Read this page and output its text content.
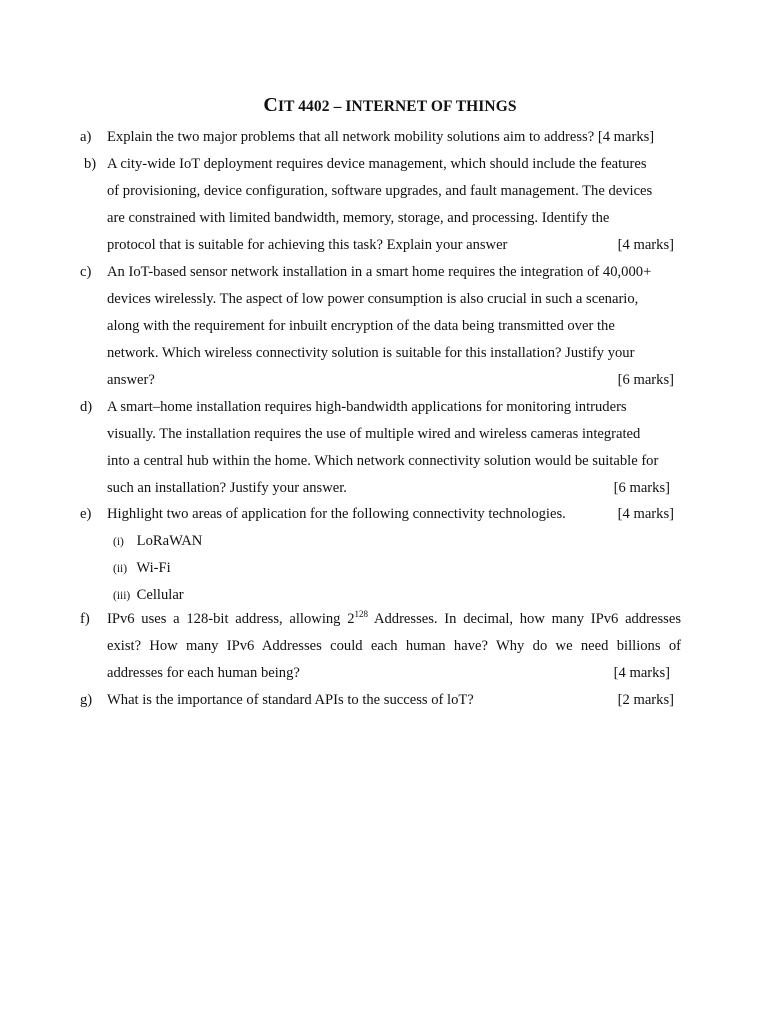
CIT 4402 – INTERNET OF THINGS
a)	Explain the two major problems that all network mobility solutions aim to address? [4 marks]
b) A city-wide IoT deployment requires device management, which should include the features
of provisioning, device configuration, software upgrades, and fault management. The devices
are constrained with limited bandwidth, memory, storage, and processing. Identify the
protocol that is suitable for achieving this task? Explain your answer	[4 marks]
c)	An IoT-based sensor network installation in a smart home requires the integration of 40,000+
devices wirelessly. The aspect of low power consumption is also crucial in such a scenario,
along with the requirement for inbuilt encryption of the data being transmitted over the
network. Which wireless connectivity solution is suitable for this installation? Justify your
answer?	[6 marks]
d)	A smart–home installation requires high-bandwidth applications for monitoring intruders
visually. The installation requires the use of multiple wired and wireless cameras integrated
into a central hub within the home. Which network connectivity solution would be suitable for
such an installation? Justify your answer.	[6 marks]
e)	Highlight two areas of application for the following connectivity technologies.	[4 marks]
(i) LoRaWAN
(ii) Wi-Fi
(iii) Cellular
f)	IPv6 uses a 128-bit address, allowing $2^{128}$ Addresses. In decimal, how many IPv6 addresses
exist? How many IPv6 Addresses could each human have? Why do we need billions of
addresses for each human being?	[4 marks]
g)	What is the importance of standard APIs to the success of loT?	[2 marks]
